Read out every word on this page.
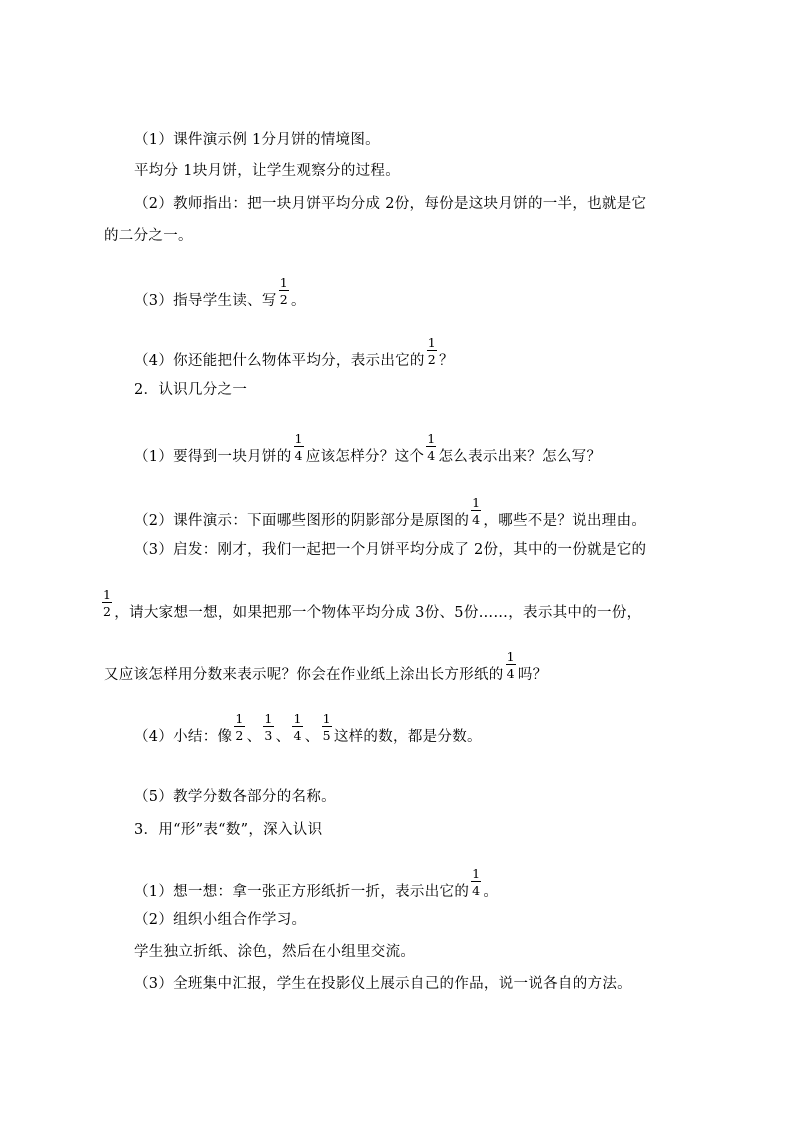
（1）课件演示例 1分月饼的情境图。
平均分 1块月饼，让学生观察分的过程。
（2）教师指出：把一块月饼平均分成 2份，每份是这块月饼的一半，也就是它
的二分之一。
（3）指导学生读、写 $\frac{1}{2}$ 。
（4）你还能把什么物体平均分，表示出它的 $\frac{1}{2}$ ？
2．认识几分之一
（1）要得到一块月饼的 $\frac{1}{4}$ 应该怎样分？这个 $\frac{1}{4}$ 怎么表示出来？怎么写？
（2）课件演示：下面哪些图形的阴影部分是原图的 $\frac{1}{4}$ ，哪些不是？说出理由。
（3）启发：刚才，我们一起把一个月饼平均分成了 2份，其中的一份就是它的
$\frac{1}{2}$ ，请大家想一想，如果把那一个物体平均分成 3份、5份……，表示其中的一份，
又应该怎样用分数来表示呢？你会在作业纸上涂出长方形纸的 $\frac{1}{4}$ 吗？
（4）小结：像 $\frac{1}{2}$ 、 $\frac{1}{3}$ 、 $\frac{1}{4}$ 、 $\frac{1}{5}$ 这样的数，都是分数。
（5）教学分数各部分的名称。
3．用“形”表“数”，深入认识
（1）想一想：拿一张正方形纸折一折，表示出它的 $\frac{1}{4}$ 。
（2）组织小组合作学习。
学生独立折纸、涂色，然后在小组里交流。
（3）全班集中汇报，学生在投影仪上展示自己的作品，说一说各自的方法。
